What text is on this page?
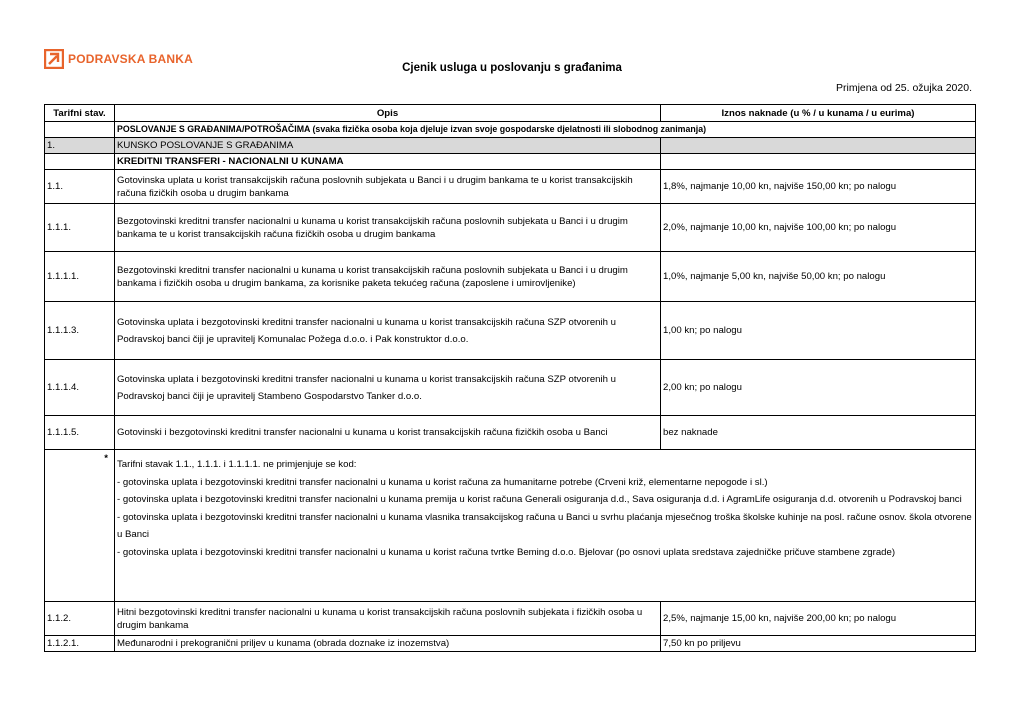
PODRAVSKA BANKA
Cjenik usluga u poslovanju s građanima
Primjena od 25. ožujka 2020.
Tarifni stav.	Opis	Iznos naknade (u % / u kunama / u eurima)
	POSLOVANJE S GRAĐANIMA/POTROŠAČIMA (svaka fizička osoba koja djeluje izvan svoje gospodarske djelatnosti ili slobodnog zanimanja)	
1.	KUNSKO POSLOVANJE S GRAĐANIMA	
	KREDITNI TRANSFERI - NACIONALNI U KUNAMA	
1.1.	Gotovinska uplata u korist transakcijskih računa poslovnih subjekata u Banci i u drugim bankama te u korist transakcijskih računa fizičkih osoba u drugim bankama	1,8%, najmanje 10,00 kn, najviše 150,00 kn; po nalogu
1.1.1.	Bezgotovinski kreditni transfer nacionalni u kunama u korist transakcijskih računa poslovnih subjekata u Banci i u drugim bankama te u korist transakcijskih računa fizičkih osoba u drugim bankama	2,0%, najmanje 10,00 kn, najviše 100,00 kn; po nalogu
1.1.1.1.	Bezgotovinski kreditni transfer nacionalni u kunama u korist transakcijskih računa poslovnih subjekata u Banci i u drugim bankama i fizičkih osoba u drugim bankama, za korisnike paketa tekućeg računa (zaposlene i umirovljenike)	1,0%, najmanje 5,00 kn, najviše 50,00 kn; po nalogu
1.1.1.3.	Gotovinska uplata i bezgotovinski kreditni transfer nacionalni u kunama u korist transakcijskih računa SZP otvorenih u Podravskoj banci čiji je upravitelj Komunalac Požega d.o.o. i Pak konstruktor d.o.o.	1,00 kn; po nalogu
1.1.1.4.	Gotovinska uplata i bezgotovinski kreditni transfer nacionalni u kunama u korist transakcijskih računa SZP otvorenih u Podravskoj banci čiji je upravitelj Stambeno Gospodarstvo Tanker d.o.o.	2,00 kn; po nalogu
1.1.1.5.	Gotovinski i bezgotovinski kreditni transfer nacionalni u kunama u korist transakcijskih računa fizičkih osoba u Banci	bez naknade

*	Tarifni stavak 1.1., 1.1.1. i 1.1.1.1. ne primjenjuje se kod:

- gotovinska uplata i bezgotovinski kreditni transfer nacionalni u kunama u korist računa za humanitarne potrebe (Crveni križ, elementarne nepogode i sl.)

- gotovinska uplata i bezgotovinski kreditni transfer nacionalni u kunama premija u korist računa Generali osiguranja d.d., Sava osiguranja d.d. i AgramLife osiguranja d.d. otvorenih u Podravskoj banci

- gotovinska uplata i bezgotovinski kreditni transfer nacionalni u kunama vlasnika transakcijskog računa u Banci u svrhu plaćanja mjesečnog troška školske kuhinje na posl. račune osnov. škola otvorene u Banci

- gotovinska uplata i bezgotovinski kreditni transfer nacionalni u kunama u korist računa tvrtke Beming d.o.o. Bjelovar (po osnovi uplata sredstava zajedničke pričuve stambene zgrade)	

1.1.2.	Hitni bezgotovinski kreditni transfer nacionalni u kunama u korist transakcijskih računa poslovnih subjekata i fizičkih osoba u drugim bankama	2,5%, najmanje 15,00 kn, najviše 200,00 kn; po nalogu
1.1.2.1.	Međunarodni i prekogranični priljev u kunama (obrada doznake iz inozemstva)	7,50 kn po priljevu
